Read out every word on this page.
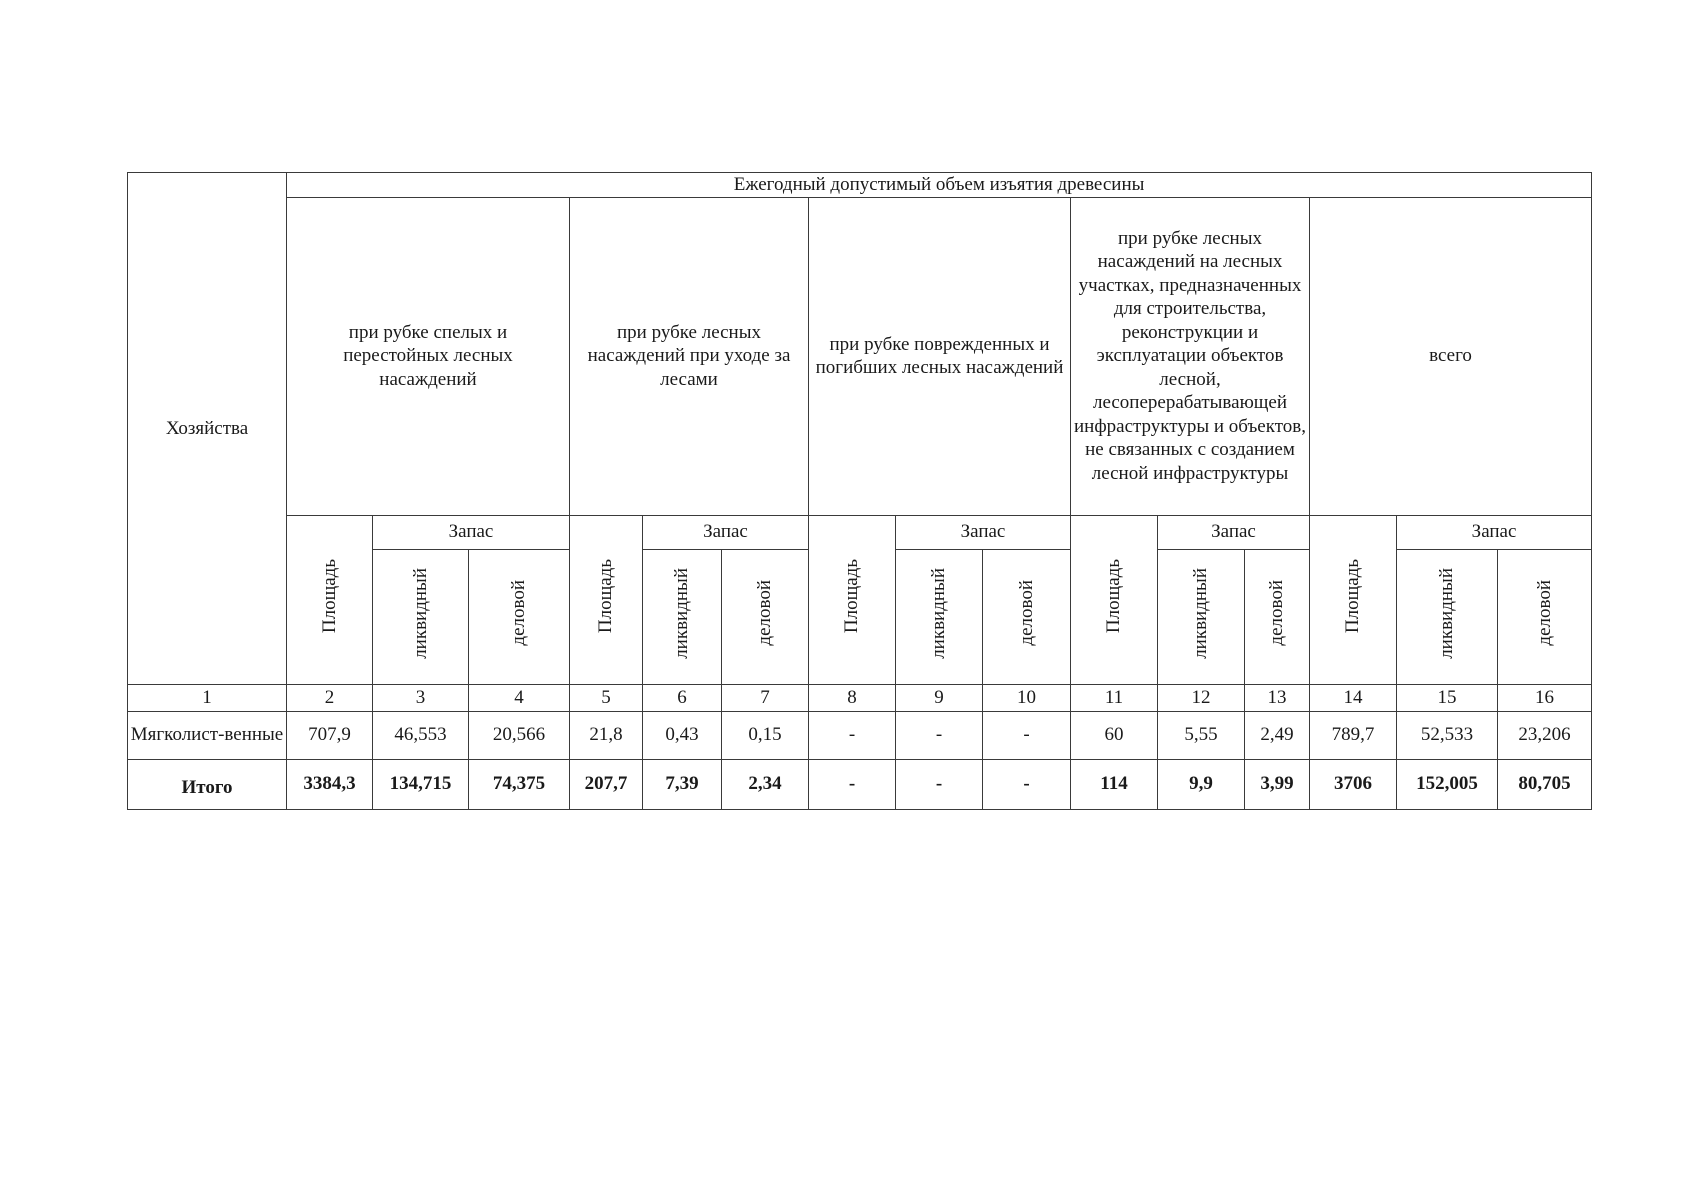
Хозяйства	Ежегодный допустимый объем изъятия древесины														
	при рубке спелых и перестойных лесных насаждений			при рубке лесных насаждений при уходе за лесами			при рубке поврежденных и погибших лесных насаждений			при рубке лесных насаждений на лесных участках, предназначенных для строительства, реконструкции и эксплуатации объектов лесной, лесоперерабатывающей инфраструктуры и объектов, не связанных с созданием лесной инфраструктуры			всего		
	Площадь	Запас		Площадь	Запас		Площадь	Запас		Площадь	Запас		Площадь	Запас	
		ликвидный	деловой		ликвидный	деловой		ликвидный	деловой		ликвидный	деловой		ликвидный	деловой
1	2	3	4	5	6	7	8	9	10	11	12	13	14	15	16
Мягколист-венные	707,9	46,553	20,566	21,8	0,43	0,15	-	-	-	60	5,55	2,49	789,7	52,533	23,206
Итого	3384,3	134,715	74,375	207,7	7,39	2,34	-	-	-	114	9,9	3,99	3706	152,005	80,705
